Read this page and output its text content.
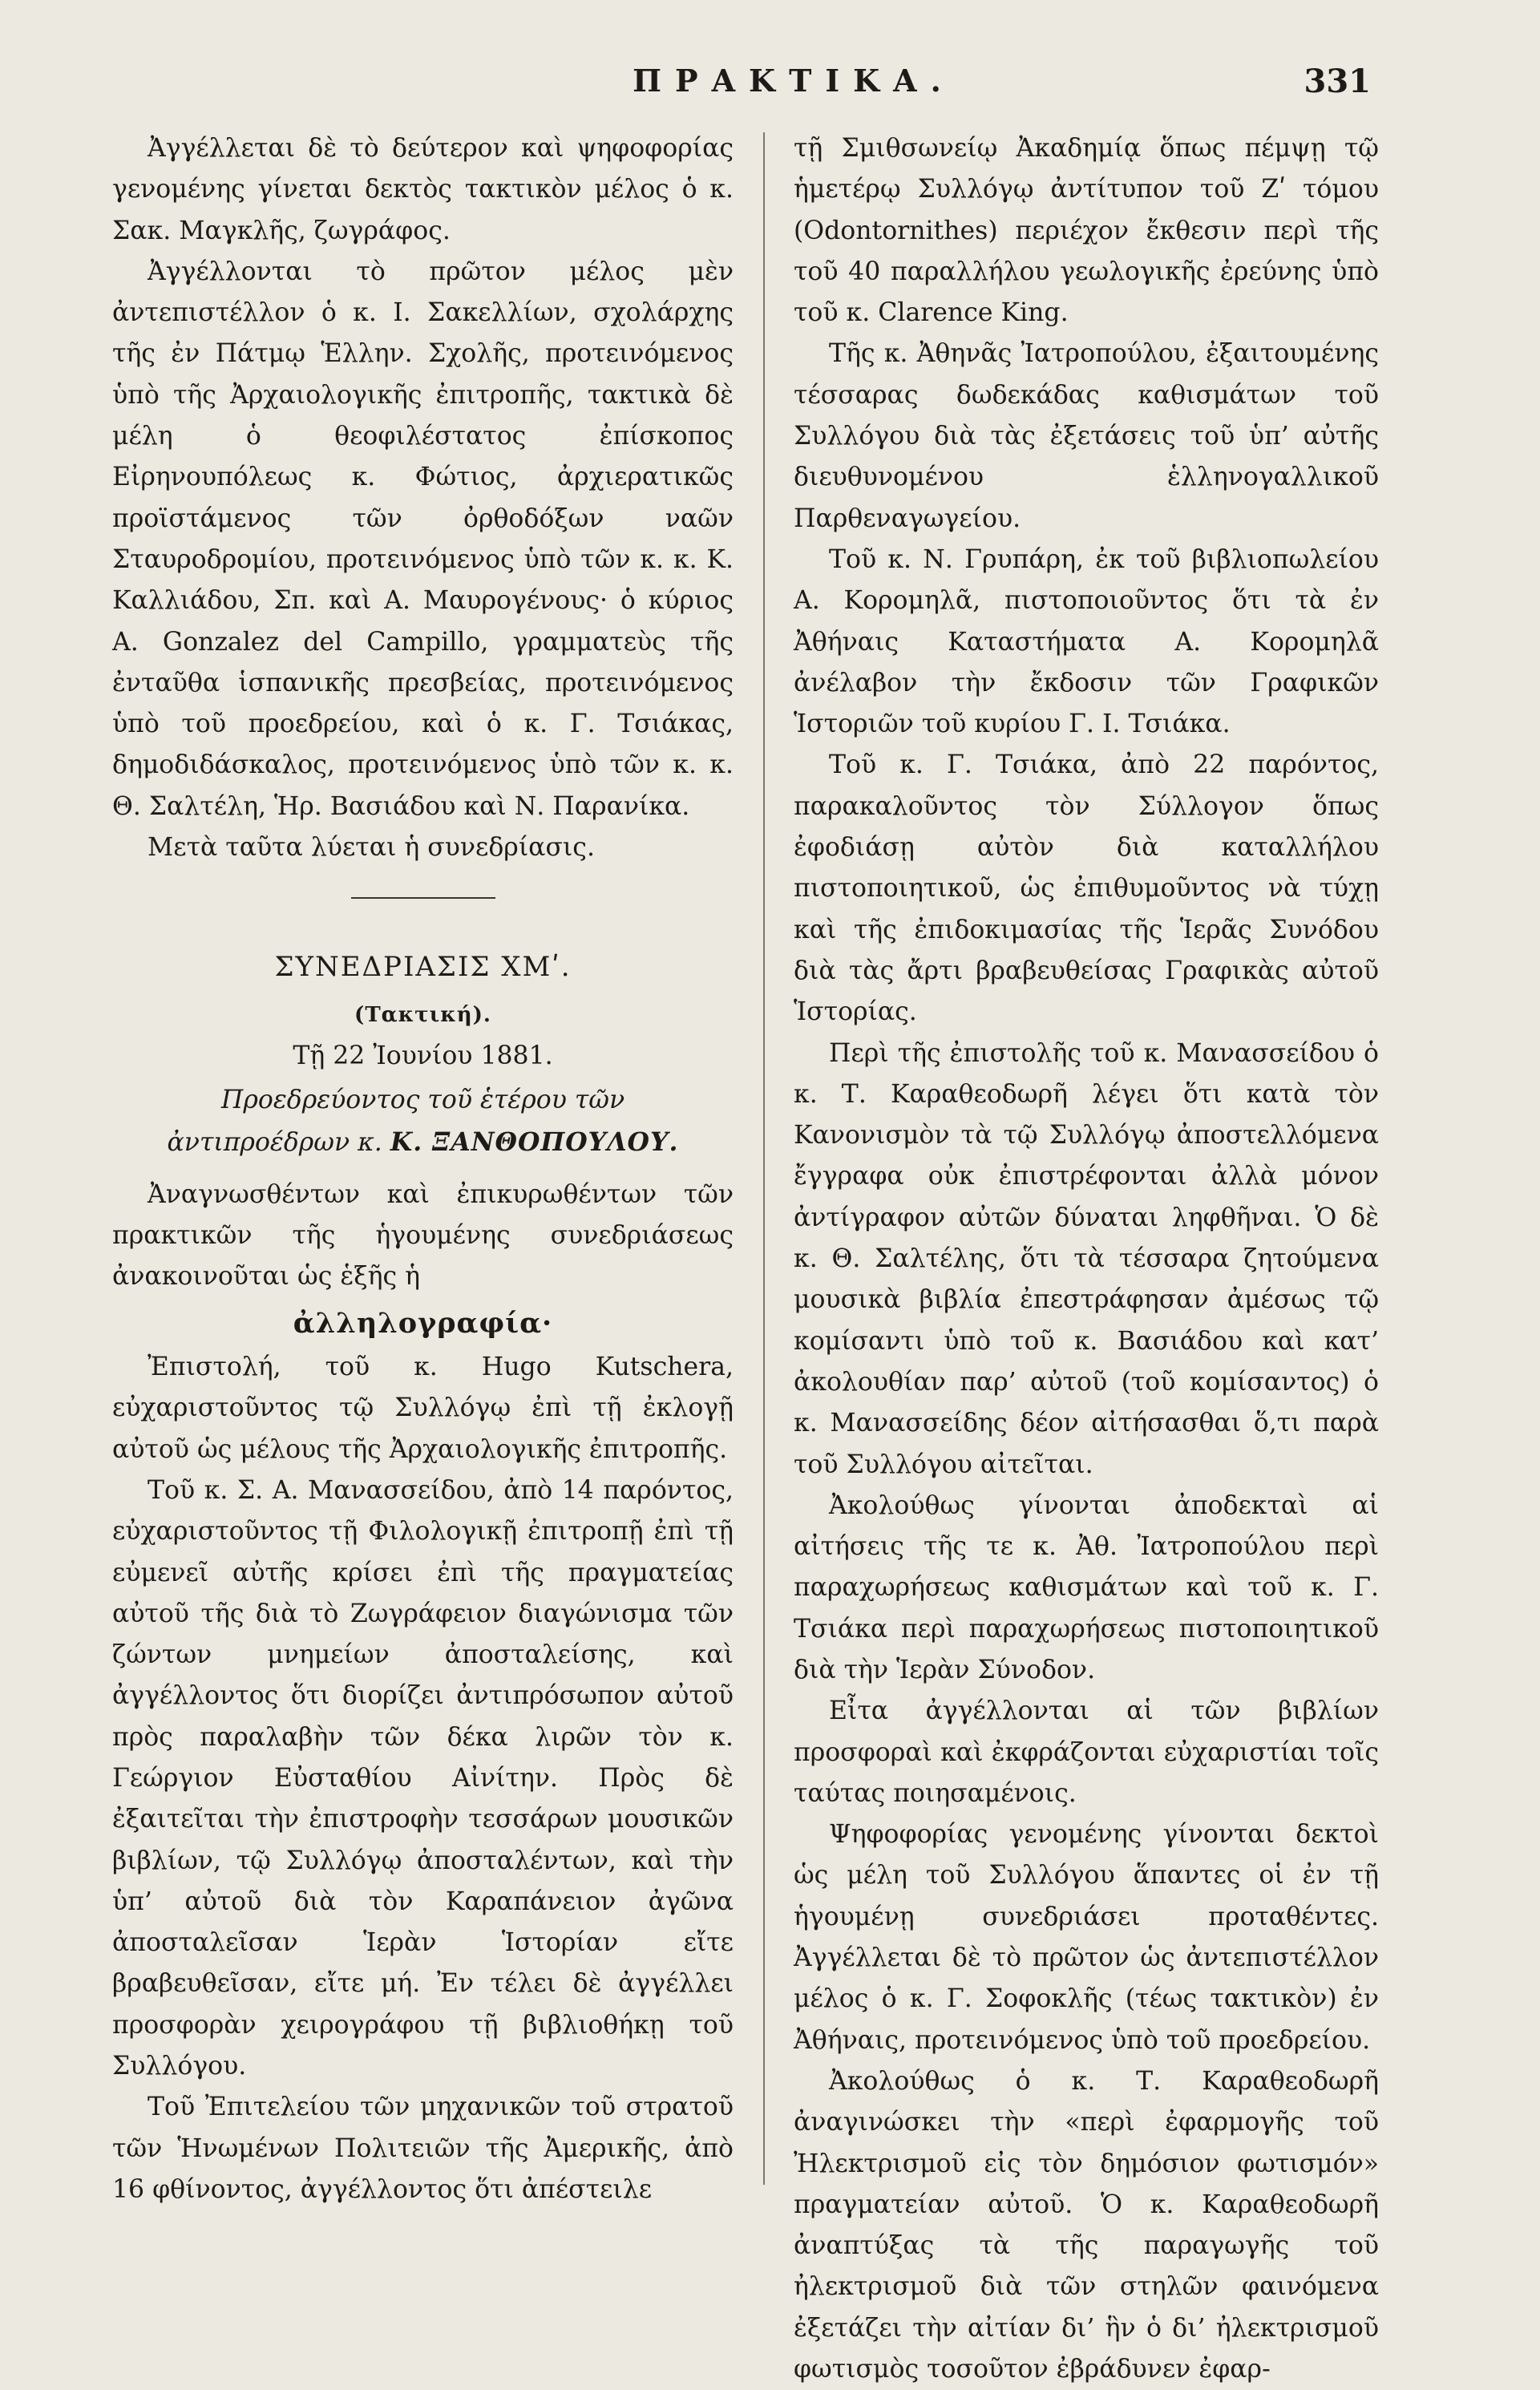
ΠΡΑΚΤΙΚΑ.	331

Ἀγγέλλεται δὲ τὸ δεύτερον καὶ ψηφοφορίας γενομένης γίνεται δεκτὸς τακτικὸν μέλος ὁ κ. Σακ. Μαγκλῆς, ζωγράφος.

Ἀγγέλλονται τὸ πρῶτον μέλος μὲν ἀντεπιστέλλον ὁ κ. Ι. Σακελλίων, σχολάρχης τῆς ἐν Πάτμῳ Ἑλλην. Σχολῆς, προτεινόμενος ὑπὸ τῆς Ἀρχαιολογικῆς ἐπιτροπῆς, τακτικὰ δὲ μέλη ὁ θεοφιλέστατος ἐπίσκοπος Εἰρηνουπόλεως κ. Φώτιος, ἀρχιερατικῶς προϊστάμενος τῶν ὀρθοδόξων ναῶν Σταυροδρομίου, προτεινόμενος ὑπὸ τῶν κ. κ. Κ. Καλλιάδου, Σπ. καὶ Α. Μαυρογένους· ὁ κύριος A. Gonzalez del Campillo, γραμματεὺς τῆς ἐνταῦθα ἱσπανικῆς πρεσβείας, προτεινόμενος ὑπὸ τοῦ προεδρείου, καὶ ὁ κ. Γ. Τσιάκας, δημοδιδάσκαλος, προτεινόμενος ὑπὸ τῶν κ. κ. Θ. Σαλτέλη, Ἡρ. Βασιάδου καὶ Ν. Παρανίκα.

Μετὰ ταῦτα λύεται ἡ συνεδρίασις.

ΣΥΝΕΔΡΙΑΣΙΣ ΧΜʹ.

(Τακτική).

Τῇ 22 Ἰουνίου 1881.

Προεδρεύοντος τοῦ ἑτέρου τῶν ἀντιπροέδρων κ. Κ. ΞΑΝΘΟΠΟΥΛΟΥ.

Ἀναγνωσθέντων καὶ ἐπικυρωθέντων τῶν πρακτικῶν τῆς ἡγουμένης συνεδριάσεως ἀνακοινοῦται ὡς ἑξῆς ἡ

ἀλληλογραφία·

Ἐπιστολή, τοῦ κ. Hugo Kutschera, εὐχαριστοῦντος τῷ Συλλόγῳ ἐπὶ τῇ ἐκλογῇ αὐτοῦ ὡς μέλους τῆς Ἀρχαιολογικῆς ἐπιτροπῆς.

Τοῦ κ. Σ. Α. Μανασσείδου, ἀπὸ 14 παρόντος, εὐχαριστοῦντος τῇ Φιλολογικῇ ἐπιτροπῇ ἐπὶ τῇ εὐμενεῖ αὐτῆς κρίσει ἐπὶ τῆς πραγματείας αὐτοῦ τῆς διὰ τὸ Ζωγράφειον διαγώνισμα τῶν ζώντων μνημείων ἀποσταλείσης, καὶ ἀγγέλλοντος ὅτι διορίζει ἀντιπρόσωπον αὐτοῦ πρὸς παραλαβὴν τῶν δέκα λιρῶν τὸν κ. Γεώργιον Εὐσταθίου Αἰνίτην. Πρὸς δὲ ἐξαιτεῖται τὴν ἐπιστροφὴν τεσσάρων μουσικῶν βιβλίων, τῷ Συλλόγῳ ἀποσταλέντων, καὶ τὴν ὑπ’ αὐτοῦ διὰ τὸν Καραπάνειον ἀγῶνα ἀποσταλεῖσαν Ἱερὰν Ἱστορίαν εἴτε βραβευθεῖσαν, εἴτε μή. Ἐν τέλει δὲ ἀγγέλλει προσφορὰν χειρογράφου τῇ βιβλιοθήκῃ τοῦ Συλλόγου.

Τοῦ Ἐπιτελείου τῶν μηχανικῶν τοῦ στρατοῦ τῶν Ἡνωμένων Πολιτειῶν τῆς Ἀμερικῆς, ἀπὸ 16 φθίνοντος, ἀγγέλλοντος ὅτι ἀπέστειλε

τῇ Σμιθσωνείῳ Ἀκαδημίᾳ ὅπως πέμψῃ τῷ ἡμετέρῳ Συλλόγῳ ἀντίτυπον τοῦ Ζʹ τόμου (Odontornithes) περιέχον ἔκθεσιν περὶ τῆς τοῦ 40 παραλλήλου γεωλογικῆς ἐρεύνης ὑπὸ τοῦ κ. Clarence King.

Τῆς κ. Ἀθηνᾶς Ἰατροπούλου, ἐξαιτουμένης τέσσαρας δωδεκάδας καθισμάτων τοῦ Συλλόγου διὰ τὰς ἐξετάσεις τοῦ ὑπ’ αὐτῆς διευθυνομένου ἑλληνογαλλικοῦ Παρθεναγωγείου.

Τοῦ κ. Ν. Γρυπάρη, ἐκ τοῦ βιβλιοπωλείου Α. Κορομηλᾶ, πιστοποιοῦντος ὅτι τὰ ἐν Ἀθήναις Καταστήματα Α. Κορομηλᾶ ἀνέλαβον τὴν ἔκδοσιν τῶν Γραφικῶν Ἱστοριῶν τοῦ κυρίου Γ. Ι. Τσιάκα.

Τοῦ κ. Γ. Τσιάκα, ἀπὸ 22 παρόντος, παρακαλοῦντος τὸν Σύλλογον ὅπως ἐφοδιάσῃ αὐτὸν διὰ καταλλήλου πιστοποιητικοῦ, ὡς ἐπιθυμοῦντος νὰ τύχῃ καὶ τῆς ἐπιδοκιμασίας τῆς Ἱερᾶς Συνόδου διὰ τὰς ἄρτι βραβευθείσας Γραφικὰς αὐτοῦ Ἱστορίας.

Περὶ τῆς ἐπιστολῆς τοῦ κ. Μανασσείδου ὁ κ. Τ. Καραθεοδωρῆ λέγει ὅτι κατὰ τὸν Κανονισμὸν τὰ τῷ Συλλόγῳ ἀποστελλόμενα ἔγγραφα οὐκ ἐπιστρέφονται ἀλλὰ μόνον ἀντίγραφον αὐτῶν δύναται ληφθῆναι. Ὁ δὲ κ. Θ. Σαλτέλης, ὅτι τὰ τέσσαρα ζητούμενα μουσικὰ βιβλία ἐπεστράφησαν ἀμέσως τῷ κομίσαντι ὑπὸ τοῦ κ. Βασιάδου καὶ κατ’ ἀκολουθίαν παρ’ αὐτοῦ (τοῦ κομίσαντος) ὁ κ. Μανασσείδης δέον αἰτήσασθαι ὅ,τι παρὰ τοῦ Συλλόγου αἰτεῖται.

Ἀκολούθως γίνονται ἀποδεκταὶ αἱ αἰτήσεις τῆς τε κ. Ἀθ. Ἰατροπούλου περὶ παραχωρήσεως καθισμάτων καὶ τοῦ κ. Γ. Τσιάκα περὶ παραχωρήσεως πιστοποιητικοῦ διὰ τὴν Ἱερὰν Σύνοδον.

Εἶτα ἀγγέλλονται αἱ τῶν βιβλίων προσφοραὶ καὶ ἐκφράζονται εὐχαριστίαι τοῖς ταύτας ποιησαμένοις.

Ψηφοφορίας γενομένης γίνονται δεκτοὶ ὡς μέλη τοῦ Συλλόγου ἅπαντες οἱ ἐν τῇ ἡγουμένῃ συνεδριάσει προταθέντες. Ἀγγέλλεται δὲ τὸ πρῶτον ὡς ἀντεπιστέλλον μέλος ὁ κ. Γ. Σοφοκλῆς (τέως τακτικὸν) ἐν Ἀθήναις, προτεινόμενος ὑπὸ τοῦ προεδρείου.

Ἀκολούθως ὁ κ. Τ. Καραθεοδωρῆ ἀναγινώσκει τὴν «περὶ ἐφαρμογῆς τοῦ Ἠλεκτρισμοῦ εἰς τὸν δημόσιον φωτισμόν» πραγματείαν αὐτοῦ. Ὁ κ. Καραθεοδωρῆ ἀναπτύξας τὰ τῆς παραγωγῆς τοῦ ἠλεκτρισμοῦ διὰ τῶν στηλῶν φαινόμενα ἐξετάζει τὴν αἰτίαν δι’ ἣν ὁ δι’ ἠλεκτρισμοῦ φωτισμὸς τοσοῦτον ἐβράδυνεν ἐφαρ-
